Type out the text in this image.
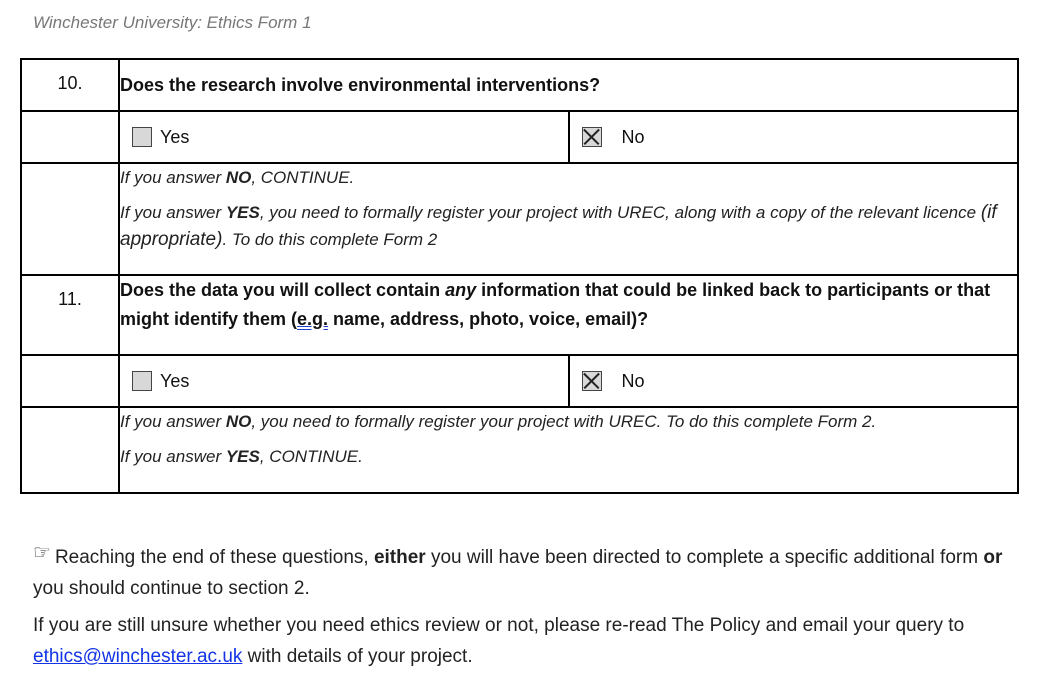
Winchester University: Ethics Form 1
10.	Does the research involve environmental interventions?	

	Yes	No

	If you answer NO, CONTINUE.

If you answer YES, you need to formally register your project with UREC, along with a copy of the relevant licence (if appropriate). To do this complete Form 2	

11.	Does the data you will collect contain any information that could be linked back to participants or that might identify them (e.g. name, address, photo, voice, email)?	

	Yes	No

	If you answer NO, you need to formally register your project with UREC. To do this complete Form 2.

If you answer YES, CONTINUE.	

☞ Reaching the end of these questions, either you will have been directed to complete a specific additional form or you should continue to section 2.

If you are still unsure whether you need ethics review or not, please re-read The Policy and email your query to ethics@winchester.ac.uk with details of your project.
